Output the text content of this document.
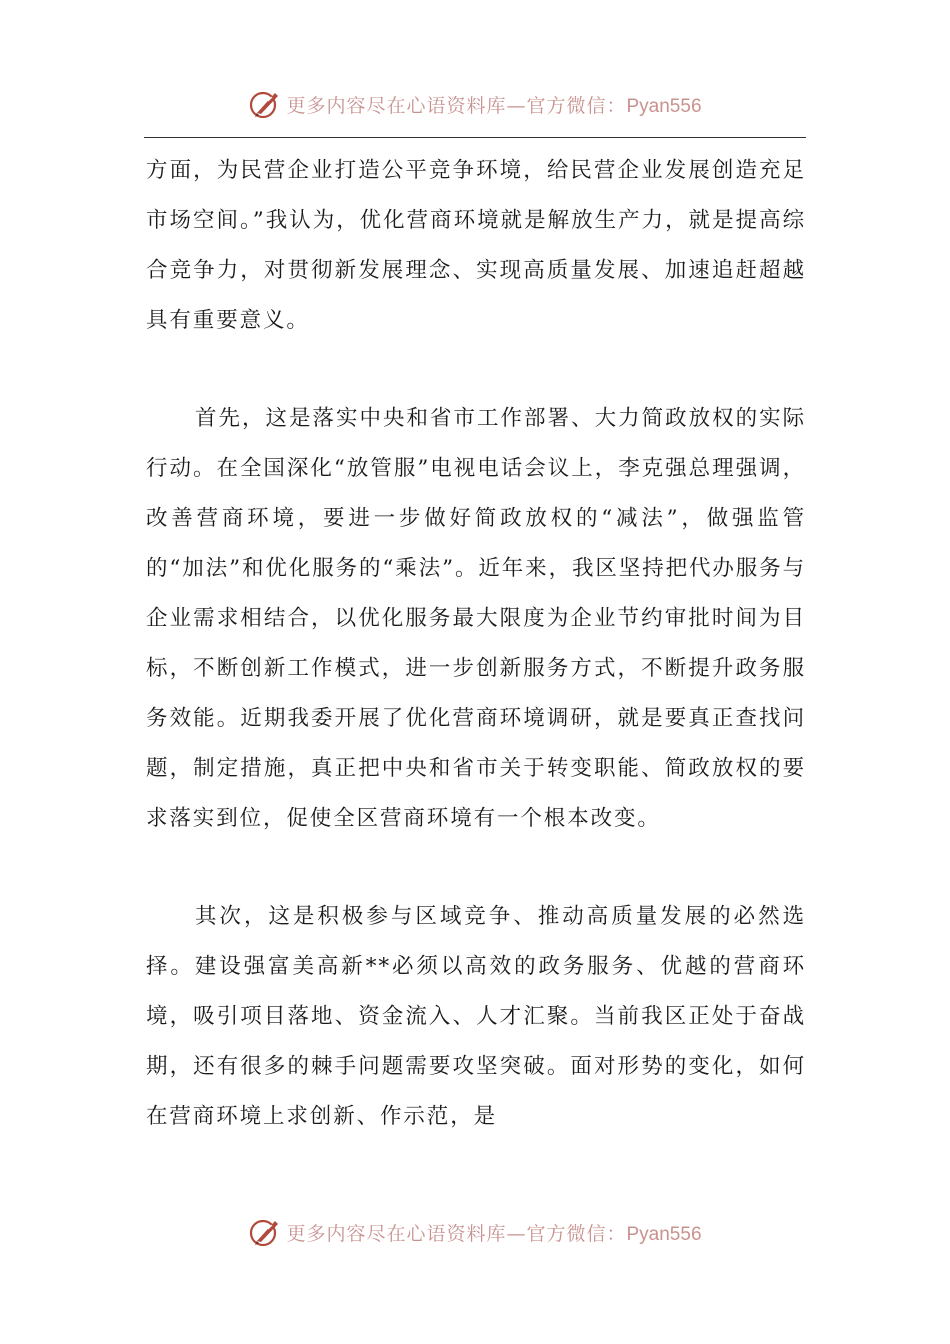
更多内容尽在心语资料库—官方微信：Pyan556

方面，为民营企业打造公平竞争环境，给民营企业发展创造充足市场空间。”我认为，优化营商环境就是解放生产力，就是提高综合竞争力，对贯彻新发展理念、实现高质量发展、加速追赶超越具有重要意义。

首先，这是落实中央和省市工作部署、大力简政放权的实际行动。在全国深化“放管服”电视电话会议上，李克强总理强调，改善营商环境，要进一步做好简政放权的“减法”，做强监管的“加法”和优化服务的“乘法”。近年来，我区坚持把代办服务与企业需求相结合，以优化服务最大限度为企业节约审批时间为目标，不断创新工作模式，进一步创新服务方式，不断提升政务服务效能。近期我委开展了优化营商环境调研，就是要真正查找问题，制定措施，真正把中央和省市关于转变职能、简政放权的要求落实到位，促使全区营商环境有一个根本改变。

其次，这是积极参与区域竞争、推动高质量发展的必然选择。建设强富美高新**必须以高效的政务服务、优越的营商环境，吸引项目落地、资金流入、人才汇聚。当前我区正处于奋战期，还有很多的棘手问题需要攻坚突破。面对形势的变化，如何在营商环境上求创新、作示范，是

更多内容尽在心语资料库—官方微信：Pyan556
